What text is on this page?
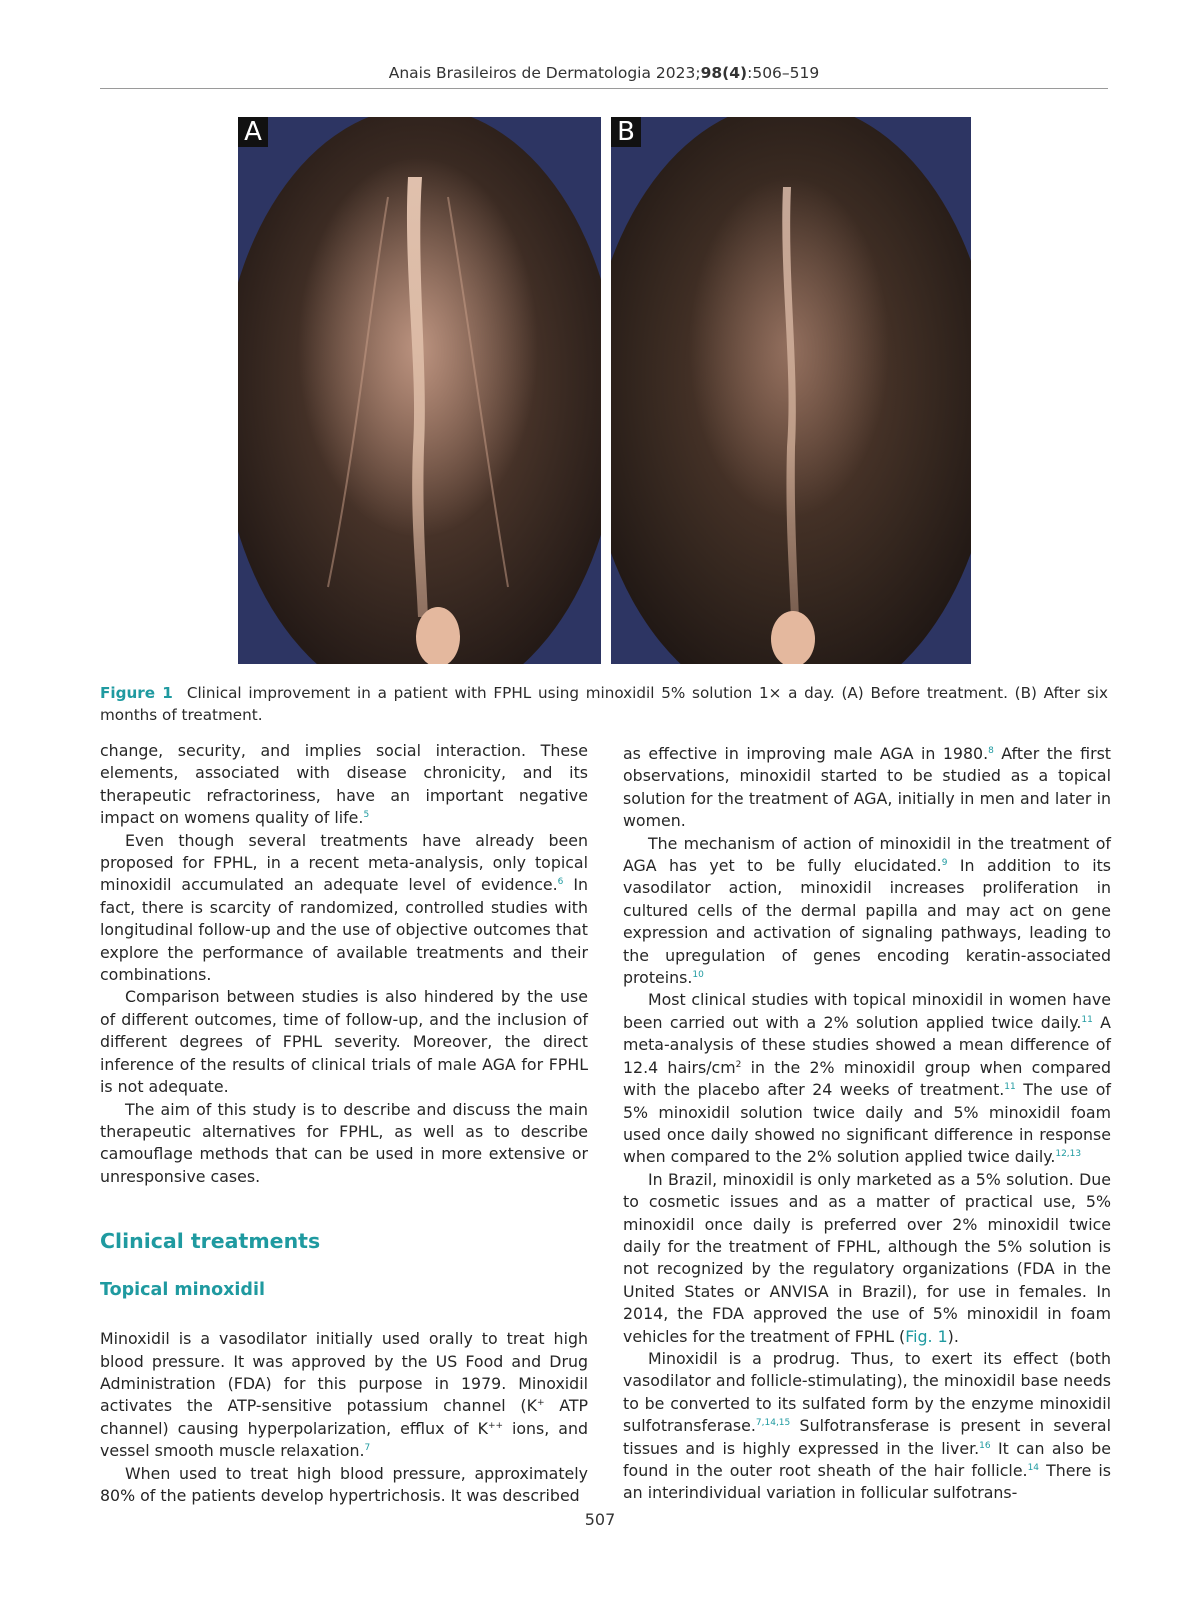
Anais Brasileiros de Dermatologia 2023;98(4):506–519
A	B
Figure 1 Clinical improvement in a patient with FPHL using minoxidil 5% solution 1× a day. (A) Before treatment. (B) After six months of treatment.

change, security, and implies social interaction. These elements, associated with disease chronicity, and its therapeutic refractoriness, have an important negative impact on womens quality of life.$^5$

Even though several treatments have already been proposed for FPHL, in a recent meta-analysis, only topical minoxidil accumulated an adequate level of evidence.$^6$ In fact, there is scarcity of randomized, controlled studies with longitudinal follow-up and the use of objective outcomes that explore the performance of available treatments and their combinations.

Comparison between studies is also hindered by the use of different outcomes, time of follow-up, and the inclusion of different degrees of FPHL severity. Moreover, the direct inference of the results of clinical trials of male AGA for FPHL is not adequate.

The aim of this study is to describe and discuss the main therapeutic alternatives for FPHL, as well as to describe camouflage methods that can be used in more extensive or unresponsive cases.

Clinical treatments
Topical minoxidil

Minoxidil is a vasodilator initially used orally to treat high blood pressure. It was approved by the US Food and Drug Administration (FDA) for this purpose in 1979. Minoxidil activates the ATP-sensitive potassium channel (K+ ATP channel) causing hyperpolarization, efflux of K++ ions, and vessel smooth muscle relaxation.$^7$

When used to treat high blood pressure, approximately 80% of the patients develop hypertrichosis. It was described

as effective in improving male AGA in 1980.$^8$ After the first observations, minoxidil started to be studied as a topical solution for the treatment of AGA, initially in men and later in women.

The mechanism of action of minoxidil in the treatment of AGA has yet to be fully elucidated.$^9$ In addition to its vasodilator action, minoxidil increases proliferation in cultured cells of the dermal papilla and may act on gene expression and activation of signaling pathways, leading to the upregulation of genes encoding keratin-associated proteins.$^{10}$

Most clinical studies with topical minoxidil in women have been carried out with a 2% solution applied twice daily.$^{11}$ A meta-analysis of these studies showed a mean difference of 12.4 hairs/$cm^2$ in the 2% minoxidil group when compared with the placebo after 24 weeks of treatment.$^{11}$ The use of 5% minoxidil solution twice daily and 5% minoxidil foam used once daily showed no significant difference in response when compared to the 2% solution applied twice daily.$^{12,13}$

In Brazil, minoxidil is only marketed as a 5% solution. Due to cosmetic issues and as a matter of practical use, 5% minoxidil once daily is preferred over 2% minoxidil twice daily for the treatment of FPHL, although the 5% solution is not recognized by the regulatory organizations (FDA in the United States or ANVISA in Brazil), for use in females. In 2014, the FDA approved the use of 5% minoxidil in foam vehicles for the treatment of FPHL (Fig. 1).

Minoxidil is a prodrug. Thus, to exert its effect (both vasodilator and follicle-stimulating), the minoxidil base needs to be converted to its sulfated form by the enzyme minoxidil sulfotransferase.$^{7,14,15}$ Sulfotransferase is present in several tissues and is highly expressed in the liver.$^{16}$ It can also be found in the outer root sheath of the hair follicle.$^{14}$ There is an interindividual variation in follicular sulfotrans-

507
